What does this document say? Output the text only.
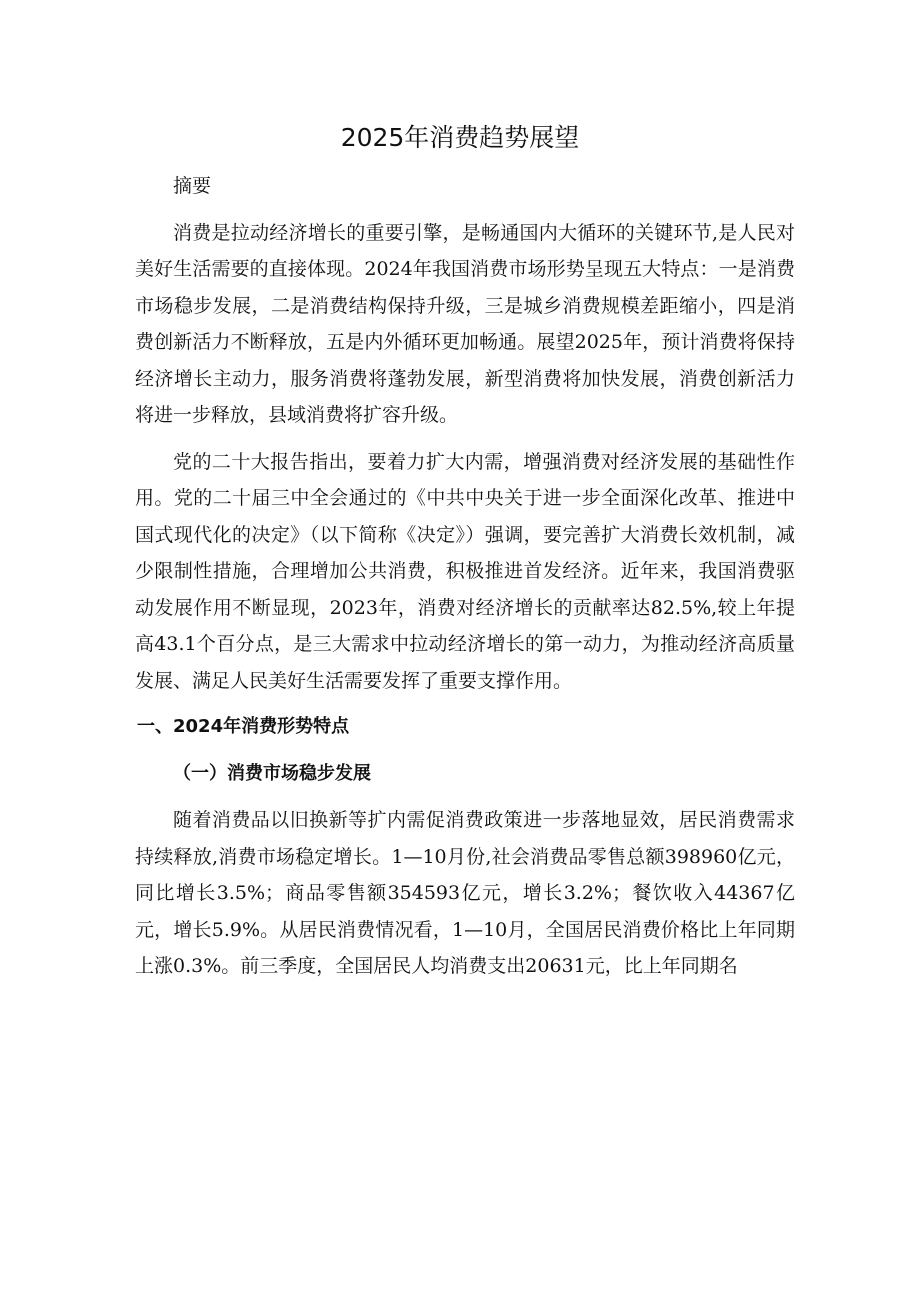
2025年消费趋势展望

摘要

消费是拉动经济增长的重要引擎，是畅通国内大循环的关键环节,是人民对美好生活需要的直接体现。2024年我国消费市场形势呈现五大特点：一是消费市场稳步发展，二是消费结构保持升级，三是城乡消费规模差距缩小，四是消费创新活力不断释放，五是内外循环更加畅通。展望2025年，预计消费将保持经济增长主动力，服务消费将蓬勃发展，新型消费将加快发展，消费创新活力将进一步释放，县域消费将扩容升级。

党的二十大报告指出，要着力扩大内需，增强消费对经济发展的基础性作用。党的二十届三中全会通过的《中共中央关于进一步全面深化改革、推进中国式现代化的决定》（以下简称《决定》）强调，要完善扩大消费长效机制，减少限制性措施，合理增加公共消费，积极推进首发经济。近年来，我国消费驱动发展作用不断显现，2023年，消费对经济增长的贡献率达82.5%,较上年提高43.1个百分点，是三大需求中拉动经济增长的第一动力，为推动经济高质量发展、满足人民美好生活需要发挥了重要支撑作用。

一、2024年消费形势特点

（一）消费市场稳步发展

随着消费品以旧换新等扩内需促消费政策进一步落地显效，居民消费需求持续释放,消费市场稳定增长。1—10月份,社会消费品零售总额398960亿元，同比增长3.5%；商品零售额354593亿元，增长3.2%；餐饮收入44367亿元，增长5.9%。从居民消费情况看，1—10月，全国居民消费价格比上年同期上涨0.3%。前三季度，全国居民人均消费支出20631元，比上年同期名
